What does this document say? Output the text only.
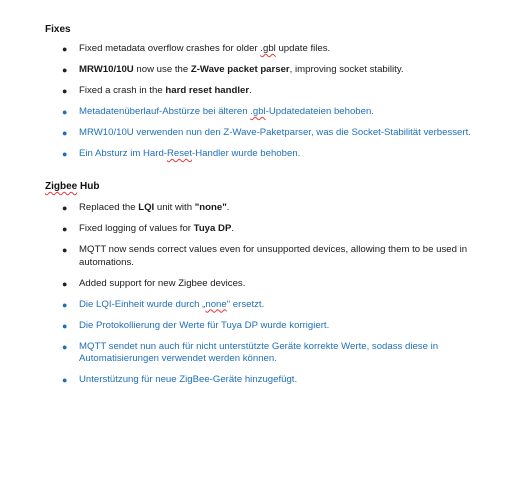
Fixes
● Fixed metadata overflow crashes for older .gbl update files.
● MRW10/10U now use the Z-Wave packet parser, improving socket stability.
● Fixed a crash in the hard reset handler.
● Metadatenüberlauf-Abstürze bei älteren .gbl-Updatedateien behoben.
● MRW10/10U verwenden nun den Z-Wave-Paketparser, was die Socket-Stabilität verbessert.
● Ein Absturz im Hard-Reset-Handler wurde behoben.
Zigbee Hub
● Replaced the LQI unit with "none".
● Fixed logging of values for Tuya DP.
● MQTT now sends correct values even for unsupported devices, allowing them to be used in automations.
● Added support for new Zigbee devices.
● Die LQI-Einheit wurde durch „none" ersetzt.
● Die Protokollierung der Werte für Tuya DP wurde korrigiert.
● MQTT sendet nun auch für nicht unterstützte Geräte korrekte Werte, sodass diese in Automatisierungen verwendet werden können.
● Unterstützung für neue ZigBee-Geräte hinzugefügt.
